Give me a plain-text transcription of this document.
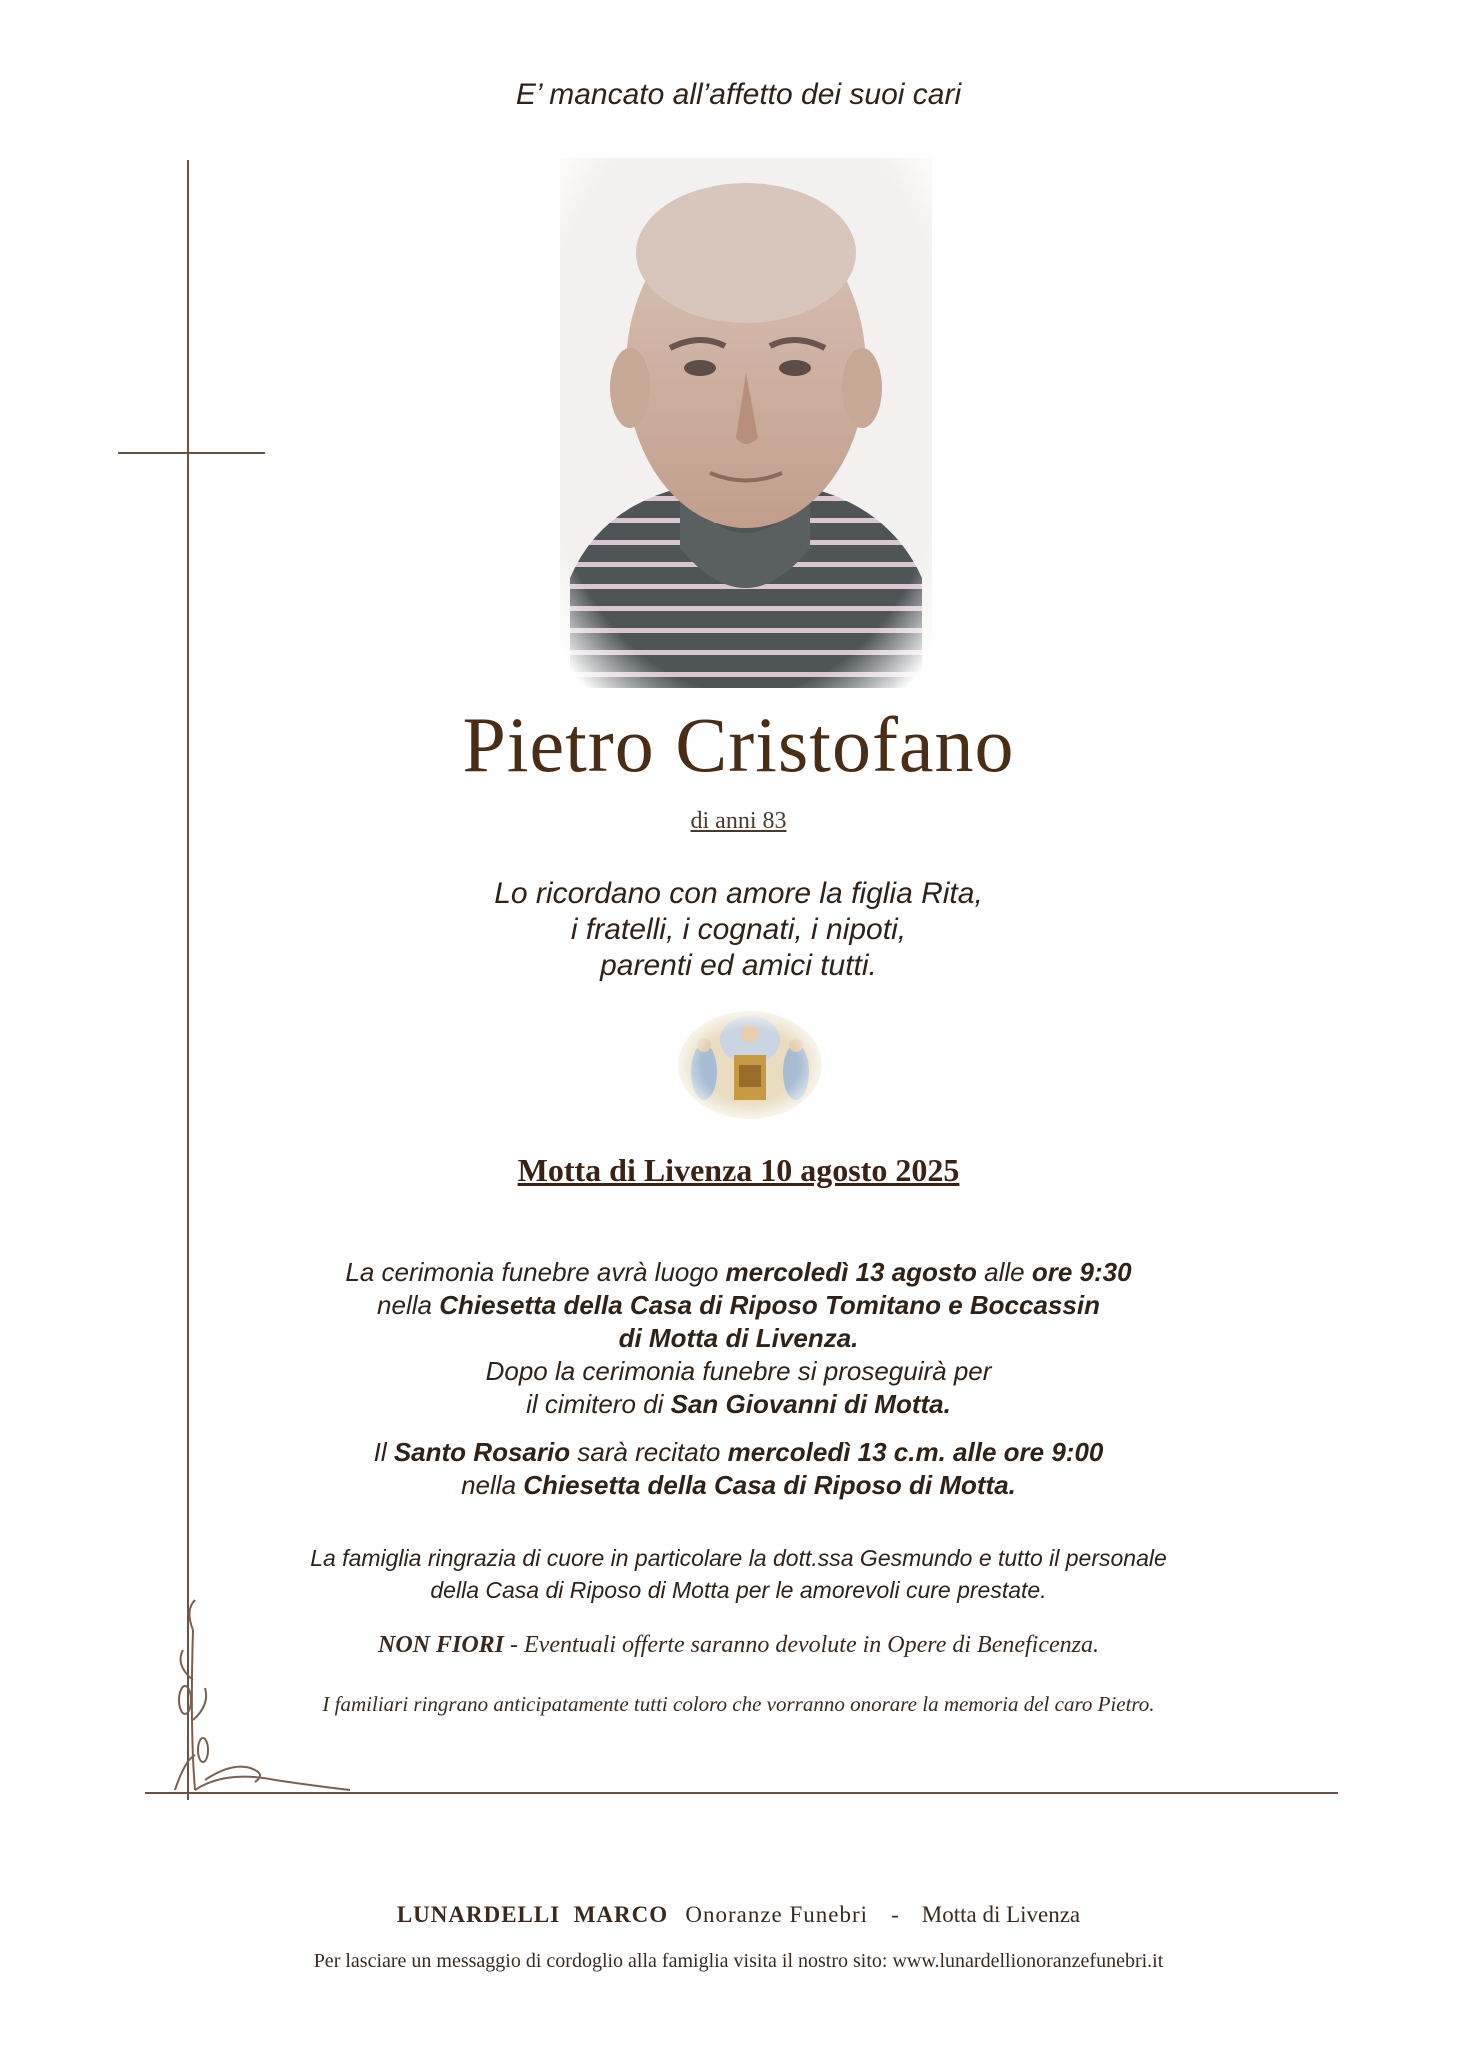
E’ mancato all’affetto dei suoi cari
Pietro Cristofano
di anni 83
Lo ricordano con amore la figlia Rita,
i fratelli, i cognati, i nipoti,
parenti ed amici tutti.
Motta di Livenza 10 agosto 2025
La cerimonia funebre avrà luogo mercoledì 13 agosto alle ore 9:30
nella Chiesetta della Casa di Riposo Tomitano e Boccassin
di Motta di Livenza.
Dopo la cerimonia funebre si proseguirà per
il cimitero di San Giovanni di Motta.
Il Santo Rosario sarà recitato mercoledì 13 c.m. alle ore 9:00
nella Chiesetta della Casa di Riposo di Motta.
La famiglia ringrazia di cuore in particolare la dott.ssa Gesmundo e tutto il personale
della Casa di Riposo di Motta per le amorevoli cure prestate.
NON FIORI - Eventuali offerte saranno devolute in Opere di Beneficenza.
I familiari ringrano anticipatamente tutti coloro che vorranno onorare la memoria del caro Pietro.
LUNARDELLI  MARCO Onoranze Funebri - Motta di Livenza
Per lasciare un messaggio di cordoglio alla famiglia visita il nostro sito: www.lunardellionoranzefunebri.it
